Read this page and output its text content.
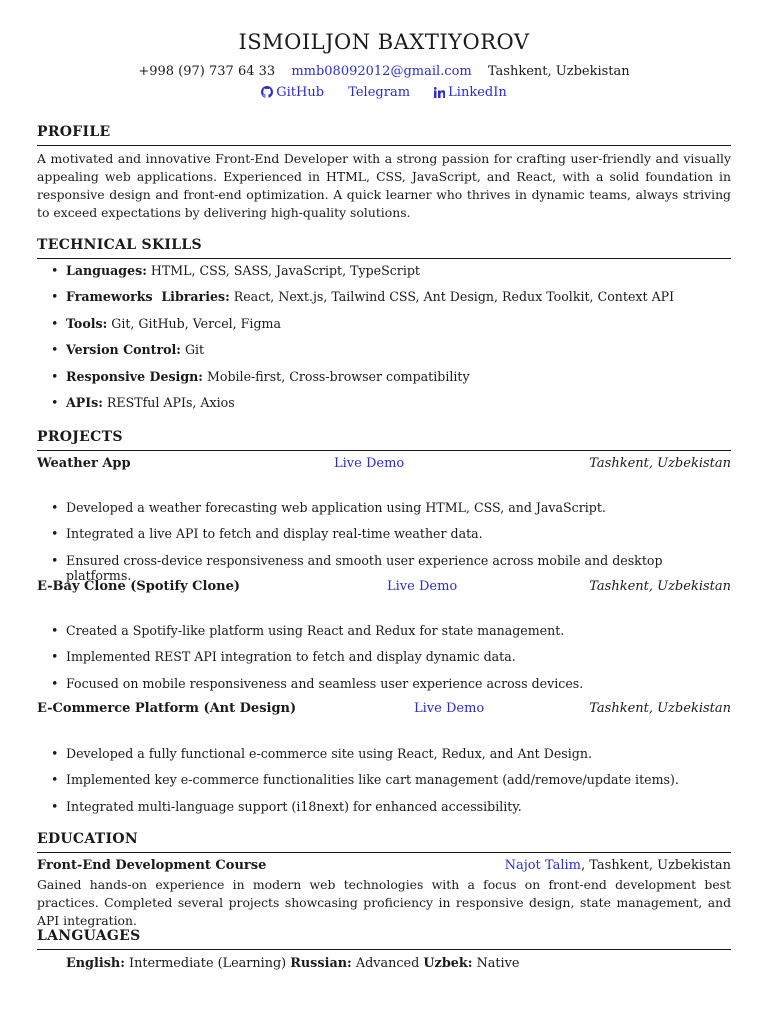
ISMOILJON BAXTIYOROV
+998 (97) 737 64 33 mmb08092012@gmail.com Tashkent, Uzbekistan
GitHub Telegram	LinkedIn
PROFILE
A motivated and innovative Front-End Developer with a strong passion for crafting user-friendly and visually appealing web applications. Experienced in HTML, CSS, JavaScript, and React, with a solid foundation in responsive design and front-end optimization. A quick learner who thrives in dynamic teams, always striving to exceed expectations by delivering high-quality solutions.
TECHNICAL SKILLS
• Languages: HTML, CSS, SASS, JavaScript, TypeScript
• Frameworks  Libraries: React, Next.js, Tailwind CSS, Ant Design, Redux Toolkit, Context API
• Tools: Git, GitHub, Vercel, Figma
• Version Control: Git
• Responsive Design: Mobile-first, Cross-browser compatibility
• APIs: RESTful APIs, Axios
PROJECTS
Weather App	Live Demo	Tashkent, Uzbekistan
• Developed a weather forecasting web application using HTML, CSS, and JavaScript.
• Integrated a live API to fetch and display real-time weather data.
• Ensured cross-device responsiveness and smooth user experience across mobile and desktop platforms.
E-Bay Clone (Spotify Clone)	Live Demo	Tashkent, Uzbekistan
• Created a Spotify-like platform using React and Redux for state management.
• Implemented REST API integration to fetch and display dynamic data.
• Focused on mobile responsiveness and seamless user experience across devices.
E-Commerce Platform (Ant Design)	Live Demo	Tashkent, Uzbekistan
• Developed a fully functional e-commerce site using React, Redux, and Ant Design.
• Implemented key e-commerce functionalities like cart management (add/remove/update items).
• Integrated multi-language support (i18next) for enhanced accessibility.
EDUCATION
Front-End Development Course	Najot Talim, Tashkent, Uzbekistan
Gained hands-on experience in modern web technologies with a focus on front-end development best practices. Completed several projects showcasing proficiency in responsive design, state management, and API integration.
LANGUAGES
English: Intermediate (Learning) Russian: Advanced Uzbek: Native
